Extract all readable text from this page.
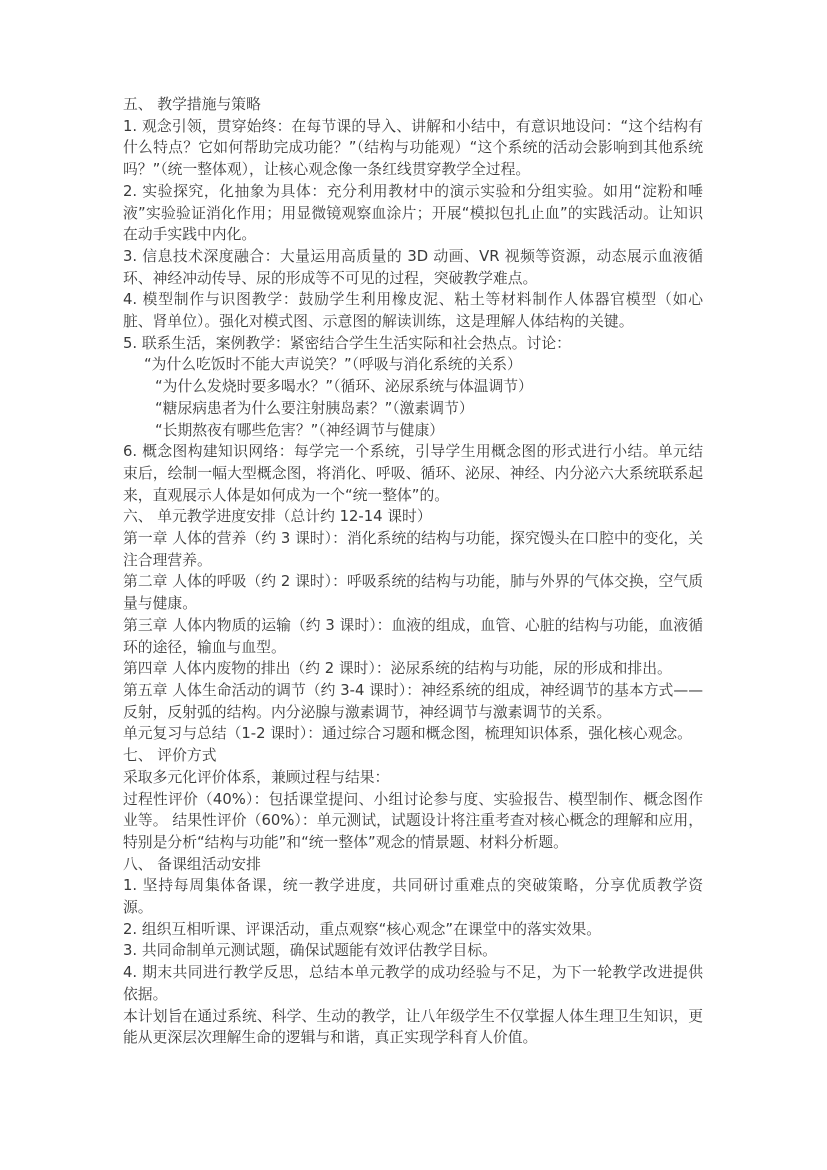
五、 教学措施与策略

1. 观念引领，贯穿始终：在每节课的导入、讲解和小结中，有意识地设问：“这个结构有什么特点？它如何帮助完成功能？”（结构与功能观）“这个系统的活动会影响到其他系统吗？”（统一整体观），让核心观念像一条红线贯穿教学全过程。

2. 实验探究，化抽象为具体：充分利用教材中的演示实验和分组实验。如用“淀粉和唾液”实验验证消化作用；用显微镜观察血涂片；开展“模拟包扎止血”的实践活动。让知识在动手实践中内化。

3. 信息技术深度融合：大量运用高质量的 3D 动画、VR 视频等资源，动态展示血液循环、神经冲动传导、尿的形成等不可见的过程，突破教学难点。

4. 模型制作与识图教学：鼓励学生利用橡皮泥、粘土等材料制作人体器官模型（如心脏、肾单位）。强化对模式图、示意图的解读训练，这是理解人体结构的关键。

5. 联系生活，案例教学：紧密结合学生生活实际和社会热点。讨论：

“为什么吃饭时不能大声说笑？”（呼吸与消化系统的关系）

“为什么发烧时要多喝水？”（循环、泌尿系统与体温调节）

“糖尿病患者为什么要注射胰岛素？”（激素调节）

“长期熬夜有哪些危害？”（神经调节与健康）

6. 概念图构建知识网络：每学完一个系统，引导学生用概念图的形式进行小结。单元结束后，绘制一幅大型概念图，将消化、呼吸、循环、泌尿、神经、内分泌六大系统联系起来，直观展示人体是如何成为一个“统一整体”的。

六、 单元教学进度安排（总计约 12-14 课时）

第一章 人体的营养（约 3 课时）：消化系统的结构与功能，探究馒头在口腔中的变化，关注合理营养。

第二章 人体的呼吸（约 2 课时）：呼吸系统的结构与功能，肺与外界的气体交换，空气质量与健康。

第三章 人体内物质的运输（约 3 课时）：血液的组成，血管、心脏的结构与功能，血液循环的途径，输血与血型。

第四章 人体内废物的排出（约 2 课时）：泌尿系统的结构与功能，尿的形成和排出。

第五章 人体生命活动的调节（约 3-4 课时）：神经系统的组成，神经调节的基本方式——反射，反射弧的结构。内分泌腺与激素调节，神经调节与激素调节的关系。

单元复习与总结（1-2 课时）：通过综合习题和概念图，梳理知识体系，强化核心观念。

七、 评价方式

采取多元化评价体系，兼顾过程与结果：

过程性评价（40%）：包括课堂提问、小组讨论参与度、实验报告、模型制作、概念图作业等。 结果性评价（60%）：单元测试，试题设计将注重考查对核心概念的理解和应用，特别是分析“结构与功能”和“统一整体”观念的情景题、材料分析题。

八、 备课组活动安排

1. 坚持每周集体备课，统一教学进度，共同研讨重难点的突破策略，分享优质教学资源。

2. 组织互相听课、评课活动，重点观察“核心观念”在课堂中的落实效果。

3. 共同命制单元测试题，确保试题能有效评估教学目标。

4. 期末共同进行教学反思，总结本单元教学的成功经验与不足，为下一轮教学改进提供依据。

本计划旨在通过系统、科学、生动的教学，让八年级学生不仅掌握人体生理卫生知识，更能从更深层次理解生命的逻辑与和谐，真正实现学科育人价值。
